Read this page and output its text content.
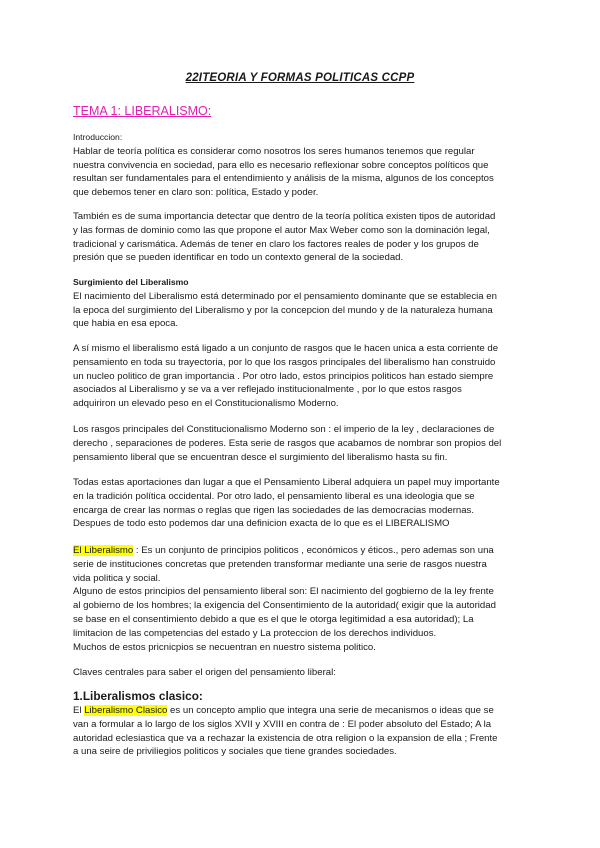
22ITEORIA Y FORMAS POLITICAS CCPP
TEMA 1: LIBERALISMO:

Introduccion:

Hablar de teoría política es considerar como nosotros los seres humanos tenemos que regular

nuestra convivencia en sociedad, para ello es necesario reflexionar sobre conceptos políticos que

resultan ser fundamentales para el entendimiento y análisis de la misma, algunos de los conceptos

que debemos tener en claro son: política, Estado y poder.

También es de suma importancia detectar que dentro de la teoría política existen tipos de autoridad

y las formas de dominio como las que propone el autor Max Weber como son la dominación legal,

tradicional y carismática. Además de tener en claro los factores reales de poder y los grupos de

presión que se pueden identificar en todo un contexto general de la sociedad.

Surgimiento del Liberalismo

El nacimiento del Liberalismo está determinado por el pensamiento dominante que se establecia en

la epoca del surgimiento del Liberalismo y por la concepcion del mundo y de la naturaleza humana

que habia en esa epoca.

A sí mismo el liberalismo está ligado a un conjunto de rasgos que le hacen unica a esta corriente de

pensamiento en toda su trayectoria, por lo que los rasgos principales del liberalismo han construido

un nucleo politico de gran importancia . Por otro lado, estos principios politicos han estado siempre

asociados al Liberalismo y se va a ver reflejado institucionalmente , por lo que estos rasgos

adquiriron un elevado peso en el Constitucionalismo Moderno.

Los rasgos principales del Constitucionalismo Moderno son : el imperio de la ley , declaraciones de

derecho , separaciones de poderes. Esta serie de rasgos que acabamos de nombrar son propios del

pensamiento liberal que se encuentran desce el surgimiento del liberalismo hasta su fin.

Todas estas aportaciones dan lugar a que el Pensamiento Liberal adquiera un papel muy importante

en la tradición política occidental. Por otro lado, el pensamiento liberal es una ideologia que se

encarga de crear las normas o reglas que rigen las sociedades de las democracias modernas.

Despues de todo esto podemos dar una definicion exacta de lo que es el LIBERALISMO

El Liberalismo : Es un conjunto de principios politicos , económicos y éticos., pero ademas son una

serie de instituciones concretas que pretenden transformar mediante una serie de rasgos nuestra

vida politica y social.

Alguno de estos principios del pensamiento liberal son: El nacimiento del gogbierno de la ley frente

al gobierno de los hombres; la exigencia del Consentimiento de la autoridad( exigir que la autoridad

se base en el consentimiento debido a que es el que le otorga legitimidad a esa autoridad); La

limitacion de las competencias del estado y La proteccion de los derechos individuos.

Muchos de estos pricnicpios se necuentran en nuestro sistema politico.

Claves centrales para saber el origen del pensamiento liberal:

1.Liberalismos clasico:

El Liberalismo Clasico es un concepto amplio que integra una serie de mecanismos o ideas que se

van a formular a lo largo de los siglos XVII y XVIII en contra de : El poder absoluto del Estado; A la

autoridad eclesiastica que va a rechazar la existencia de otra religion o la expansion de ella ; Frente

a una seire de priviliegios politicos y sociales que tiene grandes sociedades.
